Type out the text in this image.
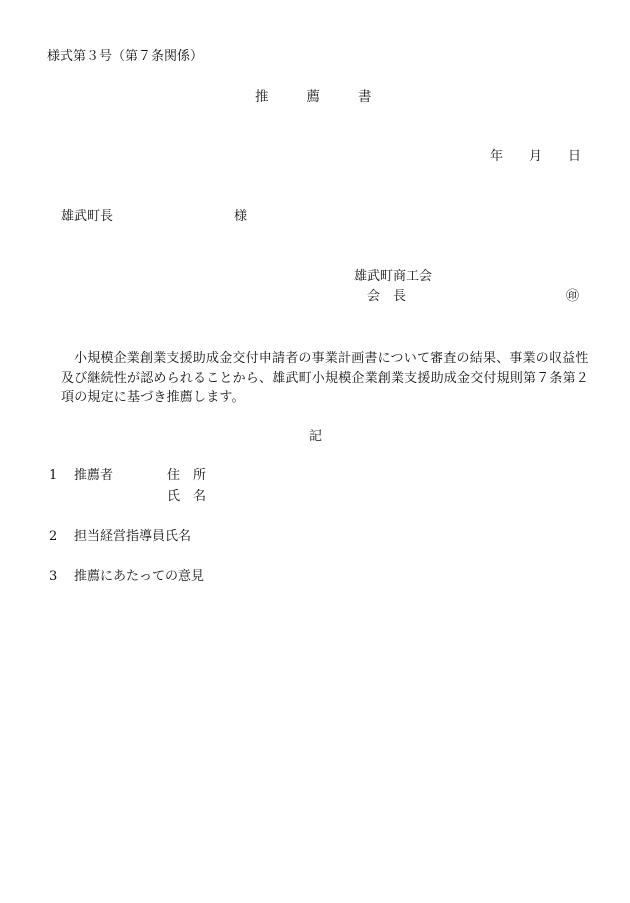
様式第３号（第７条関係）
推	薦	書
年 月 日
雄武町長	様
雄武町商工会
会　長	㊞
小規模企業創業支援助成金交付申請者の事業計画書について審査の結果、事業の収益性及び継続性が認められることから、雄武町小規模企業創業支援助成金交付規則第７条第２項の規定に基づき推薦します。
記
1 推薦者	住　所
氏　名
2 担当経営指導員氏名
3 推薦にあたっての意見
